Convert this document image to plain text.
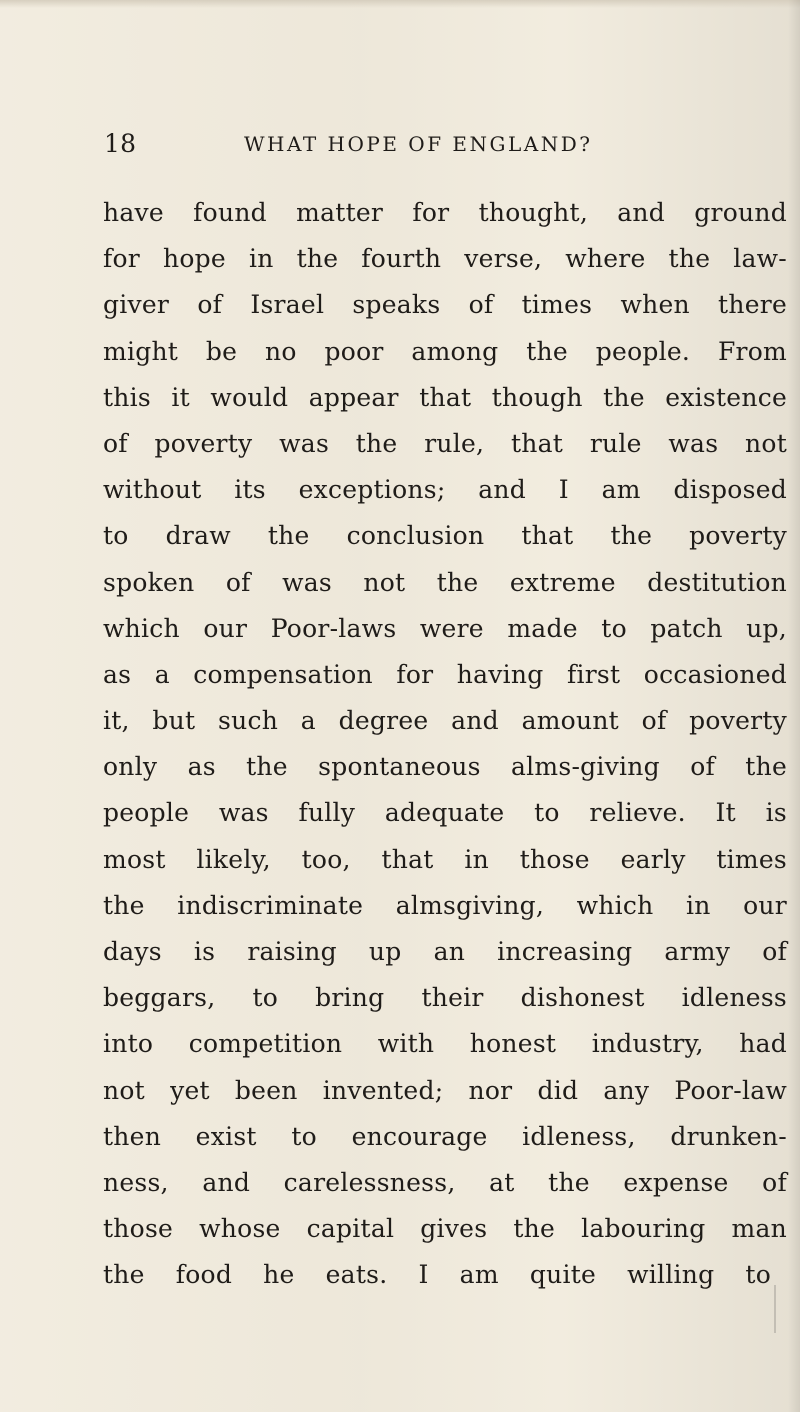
18	WHAT HOPE OF ENGLAND?
have found matter for thought, and ground
for hope in the fourth verse, where the law-
giver of Israel speaks of times when there
might be no poor among the people. From
this it would appear that though the existence
of poverty was the rule, that rule was not
without its exceptions; and I am disposed
to draw the conclusion that the poverty
spoken of was not the extreme destitution
which our Poor-laws were made to patch up,
as a compensation for having first occasioned
it, but such a degree and amount of poverty
only as the spontaneous alms-giving of the
people was fully adequate to relieve. It is
most likely, too, that in those early times
the indiscriminate almsgiving, which in our
days is raising up an increasing army of
beggars, to bring their dishonest idleness
into competition with honest industry, had
not yet been invented; nor did any Poor-law
then exist to encourage idleness, drunken-
ness, and carelessness, at the expense of
those whose capital gives the labouring man
the food he eats. I am quite willing to
